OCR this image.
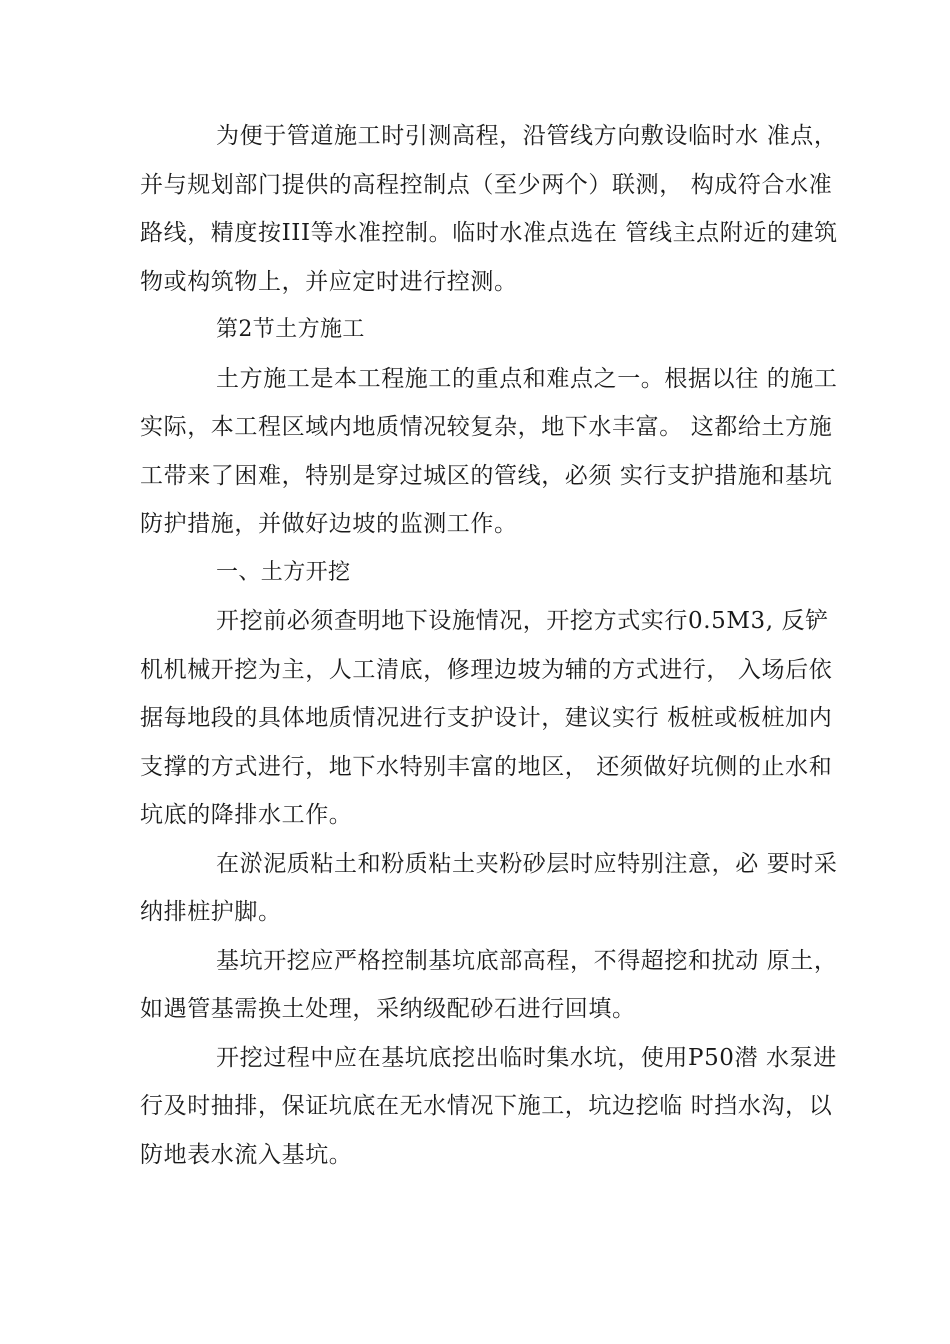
为便于管道施工时引测高程，沿管线方向敷设临时水 准点，并与规划部门提供的高程控制点（至少两个）联测， 构成符合水准路线，精度按III等水准控制。临时水准点选在 管线主点附近的建筑物或构筑物上，并应定时进行控测。

第2节土方施工

土方施工是本工程施工的重点和难点之一。根据以往 的施工实际，本工程区域内地质情况较复杂，地下水丰富。 这都给土方施工带来了困难，特别是穿过城区的管线，必须 实行支护措施和基坑防护措施，并做好边坡的监测工作。

一、土方开挖

开挖前必须查明地下设施情况，开挖方式实行0.5M3, 反铲机机械开挖为主，人工清底，修理边坡为辅的方式进行， 入场后依据每地段的具体地质情况进行支护设计，建议实行 板桩或板桩加内支撑的方式进行，地下水特别丰富的地区， 还须做好坑侧的止水和坑底的降排水工作。

在淤泥质粘土和粉质粘土夹粉砂层时应特别注意，必 要时采纳排桩护脚。

基坑开挖应严格控制基坑底部高程，不得超挖和扰动 原土，如遇管基需换土处理，采纳级配砂石进行回填。

开挖过程中应在基坑底挖出临时集水坑，使用P50潜 水泵进行及时抽排，保证坑底在无水情况下施工，坑边挖临 时挡水沟，以防地表水流入基坑。
